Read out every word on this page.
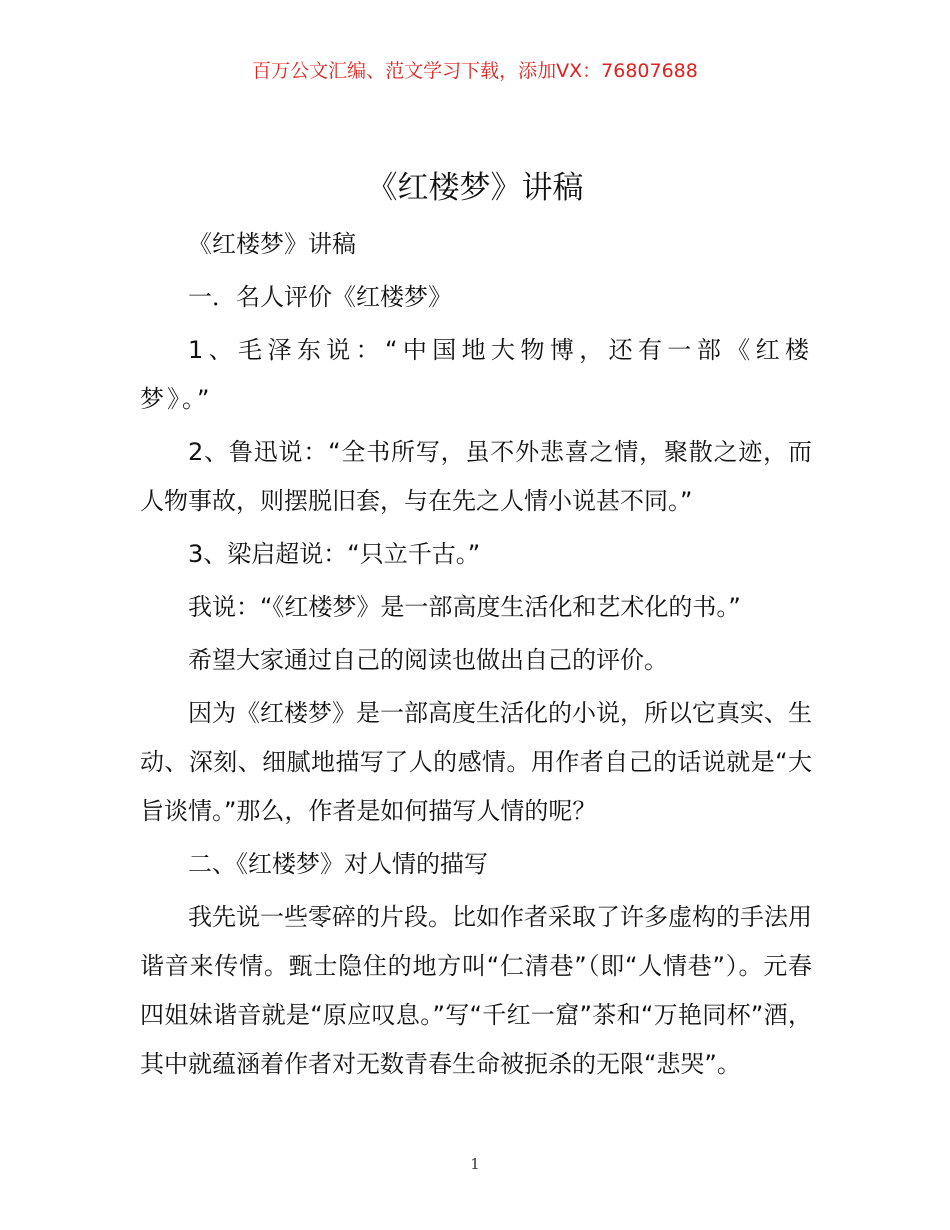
百万公文汇编、范文学习下载，添加VX：76807688
《红楼梦》讲稿

《红楼梦》讲稿

一．名人评价《红楼梦》

1、毛泽东说：“中国地大物博，还有一部《红楼梦》。”

2、鲁迅说：“全书所写，虽不外悲喜之情，聚散之迹，而人物事故，则摆脱旧套，与在先之人情小说甚不同。”

3、梁启超说：“只立千古。”

我说：“《红楼梦》是一部高度生活化和艺术化的书。”

希望大家通过自己的阅读也做出自己的评价。

因为《红楼梦》是一部高度生活化的小说，所以它真实、生动、深刻、细腻地描写了人的感情。用作者自己的话说就是“大旨谈情。”那么，作者是如何描写人情的呢？

二、《红楼梦》对人情的描写

我先说一些零碎的片段。比如作者采取了许多虚构的手法用谐音来传情。甄士隐住的地方叫“仁清巷”（即“人情巷”）。元春四姐妹谐音就是“原应叹息。”写“千红一窟”茶和“万艳同杯”酒，其中就蕴涵着作者对无数青春生命被扼杀的无限“悲哭”。

1
